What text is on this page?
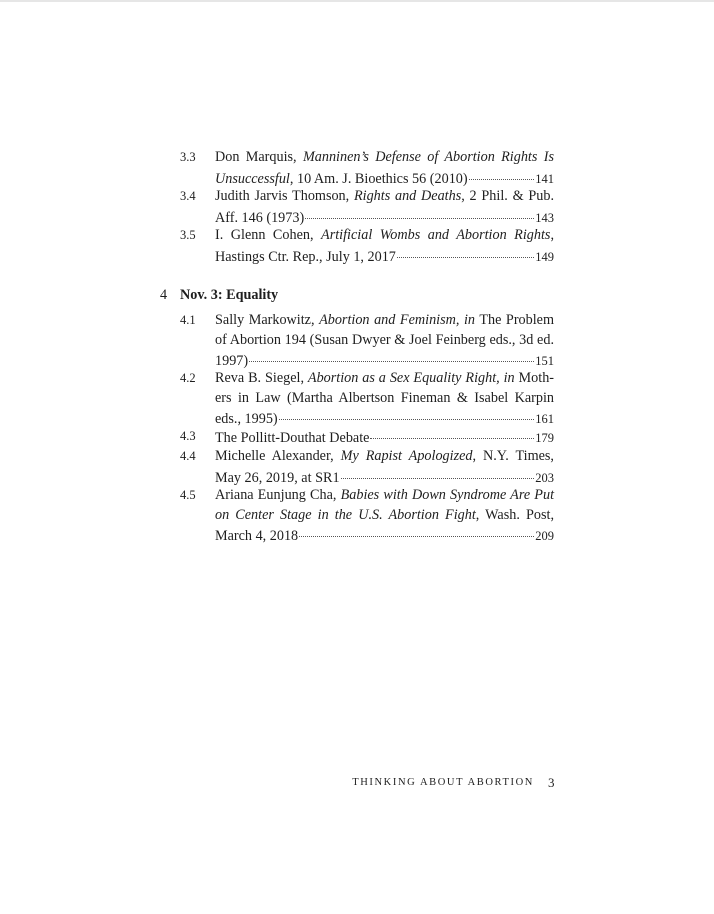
4 Nov. 3: Equality
3.3	Don Marquis, Manninen’s Defense of Abortion Rights Is
Unsuccessful, 10 Am. J. Bioethics 56 (2010)	141
3.4	Judith Jarvis Thomson, Rights and Deaths, 2 Phil. & Pub.
Aff. 146 (1973)	143
3.5	I. Glenn Cohen, Artificial Wombs and Abortion Rights,
Hastings Ctr. Rep., July 1, 2017	149
4.1	Sally Markowitz, Abortion and Feminism, in The Problem
of Abortion 194 (Susan Dwyer & Joel Feinberg eds., 3d ed.
1997)	151
4.2	Reva B. Siegel, Abortion as a Sex Equality Right, in Moth-
ers in Law (Martha Albertson Fineman & Isabel Karpin
eds., 1995)	161
4.3	The Pollitt-Douthat Debate	179
4.4	Michelle Alexander, My Rapist Apologized, N.Y. Times,
May 26, 2019, at SR1	203
4.5	Ariana Eunjung Cha, Babies with Down Syndrome Are Put
on Center Stage in the U.S. Abortion Fight, Wash. Post,
March 4, 2018	209
THINKING ABOUT ABORTION 3
